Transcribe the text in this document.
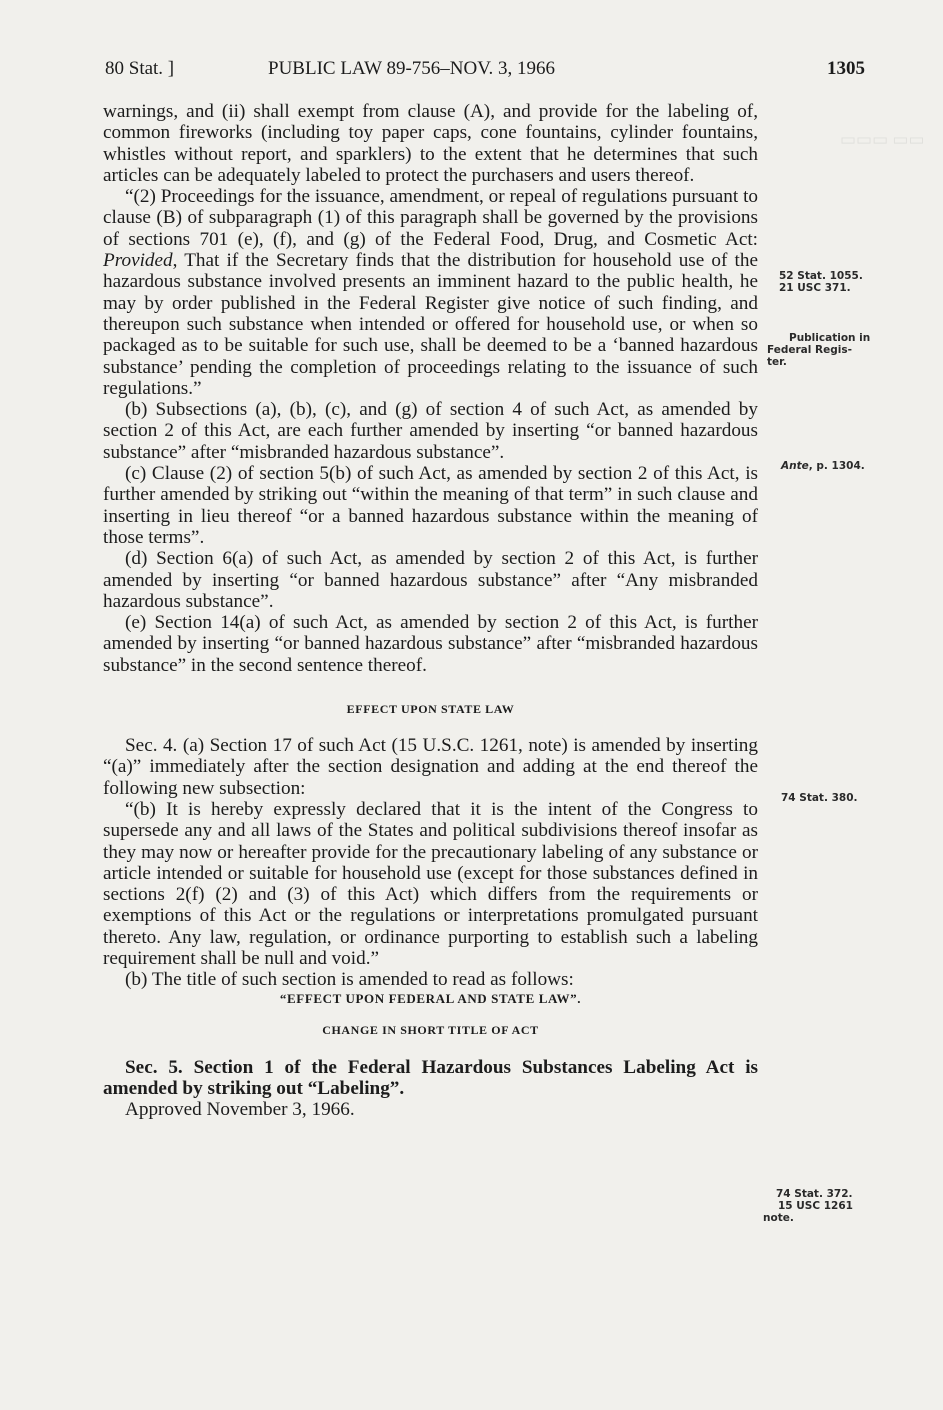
▭▭▭ ▭▭
80 Stat. ]	PUBLIC LAW 89-756–NOV. 3, 1966	1305

warnings, and (ii) shall exempt from clause (A), and provide for the labeling of, common fireworks (including toy paper caps, cone fountains, cylinder fountains, whistles without report, and sparklers) to the extent that he determines that such articles can be adequately labeled to protect the purchasers and users thereof.

“(2) Proceedings for the issuance, amendment, or repeal of regulations pursuant to clause (B) of subparagraph (1) of this paragraph shall be governed by the provisions of sections 701 (e), (f), and (g) of the Federal Food, Drug, and Cosmetic Act: Provided, That if the Secretary finds that the distribution for household use of the hazardous substance involved presents an imminent hazard to the public health, he may by order published in the Federal Register give notice of such finding, and thereupon such substance when intended or offered for household use, or when so packaged as to be suitable for such use, shall be deemed to be a ‘banned hazardous substance’ pending the completion of proceedings relating to the issuance of such regulations.”

(b) Subsections (a), (b), (c), and (g) of section 4 of such Act, as amended by section 2 of this Act, are each further amended by inserting “or banned hazardous substance” after “misbranded hazardous substance”.

(c) Clause (2) of section 5(b) of such Act, as amended by section 2 of this Act, is further amended by striking out “within the meaning of that term” in such clause and inserting in lieu thereof “or a banned hazardous substance within the meaning of those terms”.

(d) Section 6(a) of such Act, as amended by section 2 of this Act, is further amended by inserting “or banned hazardous substance” after “Any misbranded hazardous substance”.

(e) Section 14(a) of such Act, as amended by section 2 of this Act, is further amended by inserting “or banned hazardous substance” after “misbranded hazardous substance” in the second sentence thereof.

EFFECT UPON STATE LAW

Sec. 4. (a) Section 17 of such Act (15 U.S.C. 1261, note) is amended by inserting “(a)” immediately after the section designation and adding at the end thereof the following new subsection:

“(b) It is hereby expressly declared that it is the intent of the Congress to supersede any and all laws of the States and political subdivisions thereof insofar as they may now or hereafter provide for the precautionary labeling of any substance or article intended or suitable for household use (except for those substances defined in sections 2(f) (2) and (3) of this Act) which differs from the requirements or exemptions of this Act or the regulations or interpretations promulgated pursuant thereto. Any law, regulation, or ordinance purporting to establish such a labeling requirement shall be null and void.”

(b) The title of such section is amended to read as follows:

“EFFECT UPON FEDERAL AND STATE LAW”.

CHANGE IN SHORT TITLE OF ACT

Sec. 5. Section 1 of the Federal Hazardous Substances Labeling Act is amended by striking out “Labeling”.

Approved November 3, 1966.

52 Stat. 1055.
21 USC 371.
Publication in
Federal Regis-
ter.
Ante, p. 1304.
74 Stat. 380.
74 Stat. 372.
15 USC 1261
note.
